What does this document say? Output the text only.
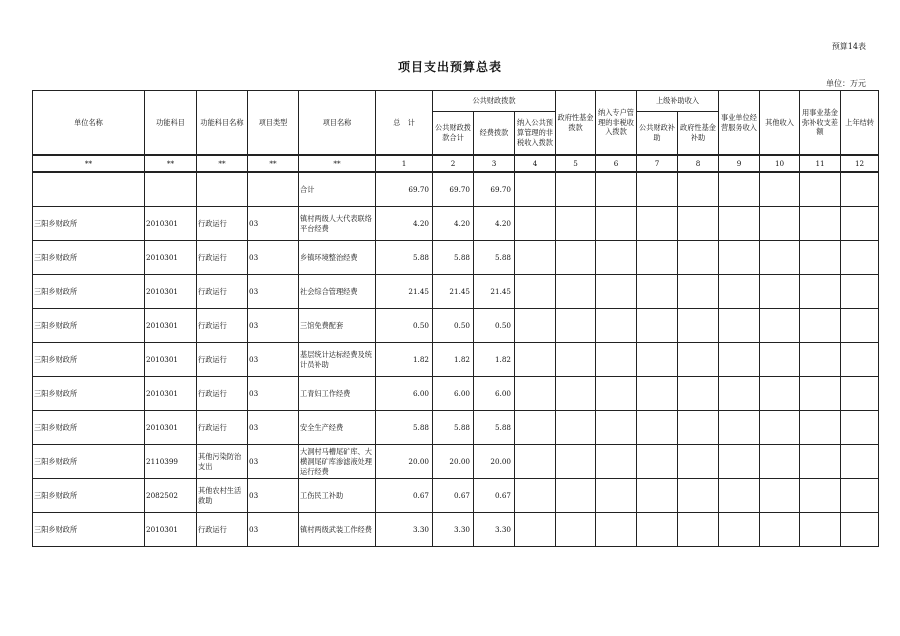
预算14表
项目支出预算总表
单位：万元
单位名称	功能科目	功能科目名称	项目类型	项目名称	总　计	公共财政拨款			政府性基金拨款	纳入专户管理的非税收入拨款	上级补助收入		事业单位经营服务收入	其他收入	用事业基金弥补收支差额	上年结转
						公共财政拨款合计	经费拨款	纳入公共预算管理的非税收入拨款			公共财政补助	政府性基金补助				
**	**	**	**	**	1	2	3	4	5	6	7	8	9	10	11	12
				合计	69.70	69.70	69.70									
三阳乡财政所	2010301	行政运行	03	镇村两级人大代表联络平台经费	4.20	4.20	4.20									
三阳乡财政所	2010301	行政运行	03	乡镇环境整治经费	5.88	5.88	5.88									
三阳乡财政所	2010301	行政运行	03	社会综合管理经费	21.45	21.45	21.45									
三阳乡财政所	2010301	行政运行	03	三馆免费配套	0.50	0.50	0.50									
三阳乡财政所	2010301	行政运行	03	基层统计达标经费及统计员补助	1.82	1.82	1.82									
三阳乡财政所	2010301	行政运行	03	工青妇工作经费	6.00	6.00	6.00									
三阳乡财政所	2010301	行政运行	03	安全生产经费	5.88	5.88	5.88									
三阳乡财政所	2110399	其他污染防治支出	03	大洞村马槽尾矿库、大横洞尾矿库渗滤液处理运行经费	20.00	20.00	20.00									
三阳乡财政所	2082502	其他农村生活救助	03	工伤民工补助	0.67	0.67	0.67									
三阳乡财政所	2010301	行政运行	03	镇村两级武装工作经费	3.30	3.30	3.30									
